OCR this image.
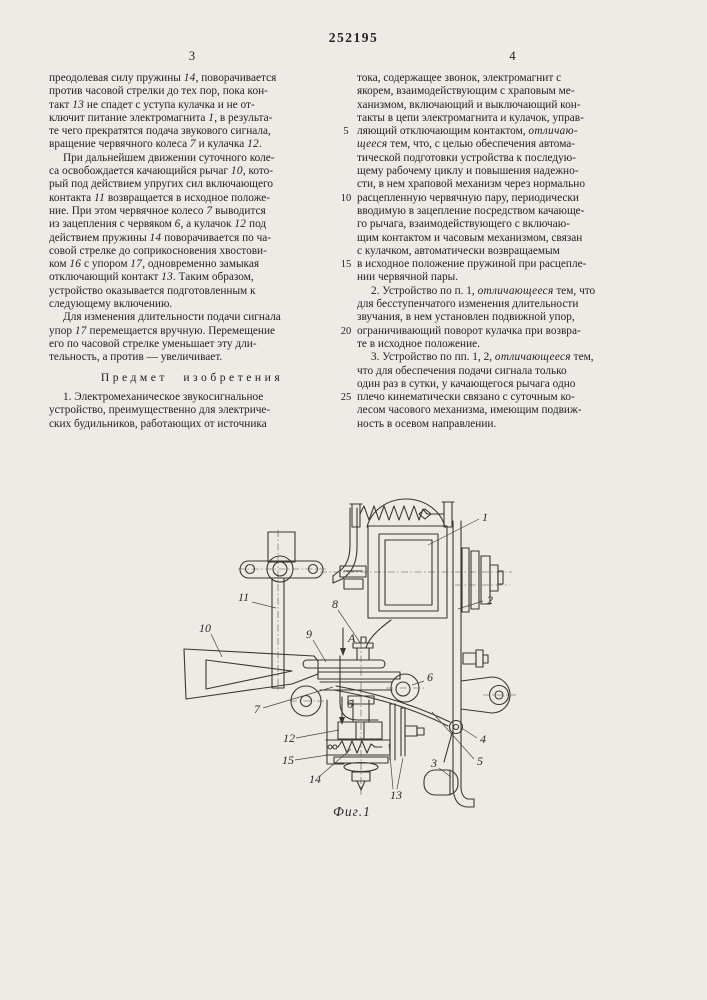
252195
3	4
преодолевая силу пружины 14, поворачивается
против часовой стрелки до тех пор, пока кон-
такт 13 не спадет с уступа кулачка и не от-
ключит питание электромагнита 1, в результа-
те чего прекратятся подача звукового сигнала,
вращение червячного колеса 7 и кулачка 12.
При дальнейшем движении суточного коле-
са освобождается качающийся рычаг 10, кото-
рый под действием упругих сил включающего
контакта 11 возвращается в исходное положе-
ние. При этом червячное колесо 7 выводится
из зацепления с червяком 6, а кулачок 12 под
действием пружины 14 поворачивается по ча-
совой стрелке до соприкосновения хвостови-
ком 16 с упором 17, одновременно замыкая
отключающий контакт 13. Таким образом,
устройство оказывается подготовленным к
следующему включению.
Для изменения длительности подачи сигнала
упор 17 перемещается вручную. Перемещение
его по часовой стрелке уменьшает эту дли-
тельность, а против — увеличивает.
Предмет изобретения
1. Электромеханическое звукосигнальное
устройство, преимущественно для электриче-
ских будильников, работающих от источника
5
10
15
20
25
тока, содержащее звонок, электромагнит с
якорем, взаимодействующим с храповым ме-
ханизмом, включающий и выключающий кон-
такты в цепи электромагнита и кулачок, управ-
ляющий отключающим контактом, отличаю-
щееся тем, что, с целью обеспечения автома-
тической подготовки устройства к последую-
щему рабочему циклу и повышения надежно-
сти, в нем храповой механизм через нормально
расцепленную червячную пару, периодически
вводимую в зацепление посредством качающе-
го рычага, взаимодействующего с включаю-
щим контактом и часовым механизмом, связан
с кулачком, автоматически возвращаемым
в исходное положение пружиной при расцепле-
нии червячной пары.
2. Устройство по п. 1, отличающееся тем, что
для бесступенчатого изменения длительности
звучания, в нем установлен подвижной упор,
ограничивающий поворот кулачка при возвра-
те в исходное положение.
3. Устройство по пп. 1, 2, отличающееся тем,
что для обеспечения подачи сигнала только
один раз в сутки, у качающегося рычага одно
плечо кинематически связано с суточным ко-
лесом часового механизма, имеющим подвиж-
ность в осевом направлении.
1
2
3
4
5
6
7
8
9
10
11
12
13
14
15
A
б
Фиг.1
